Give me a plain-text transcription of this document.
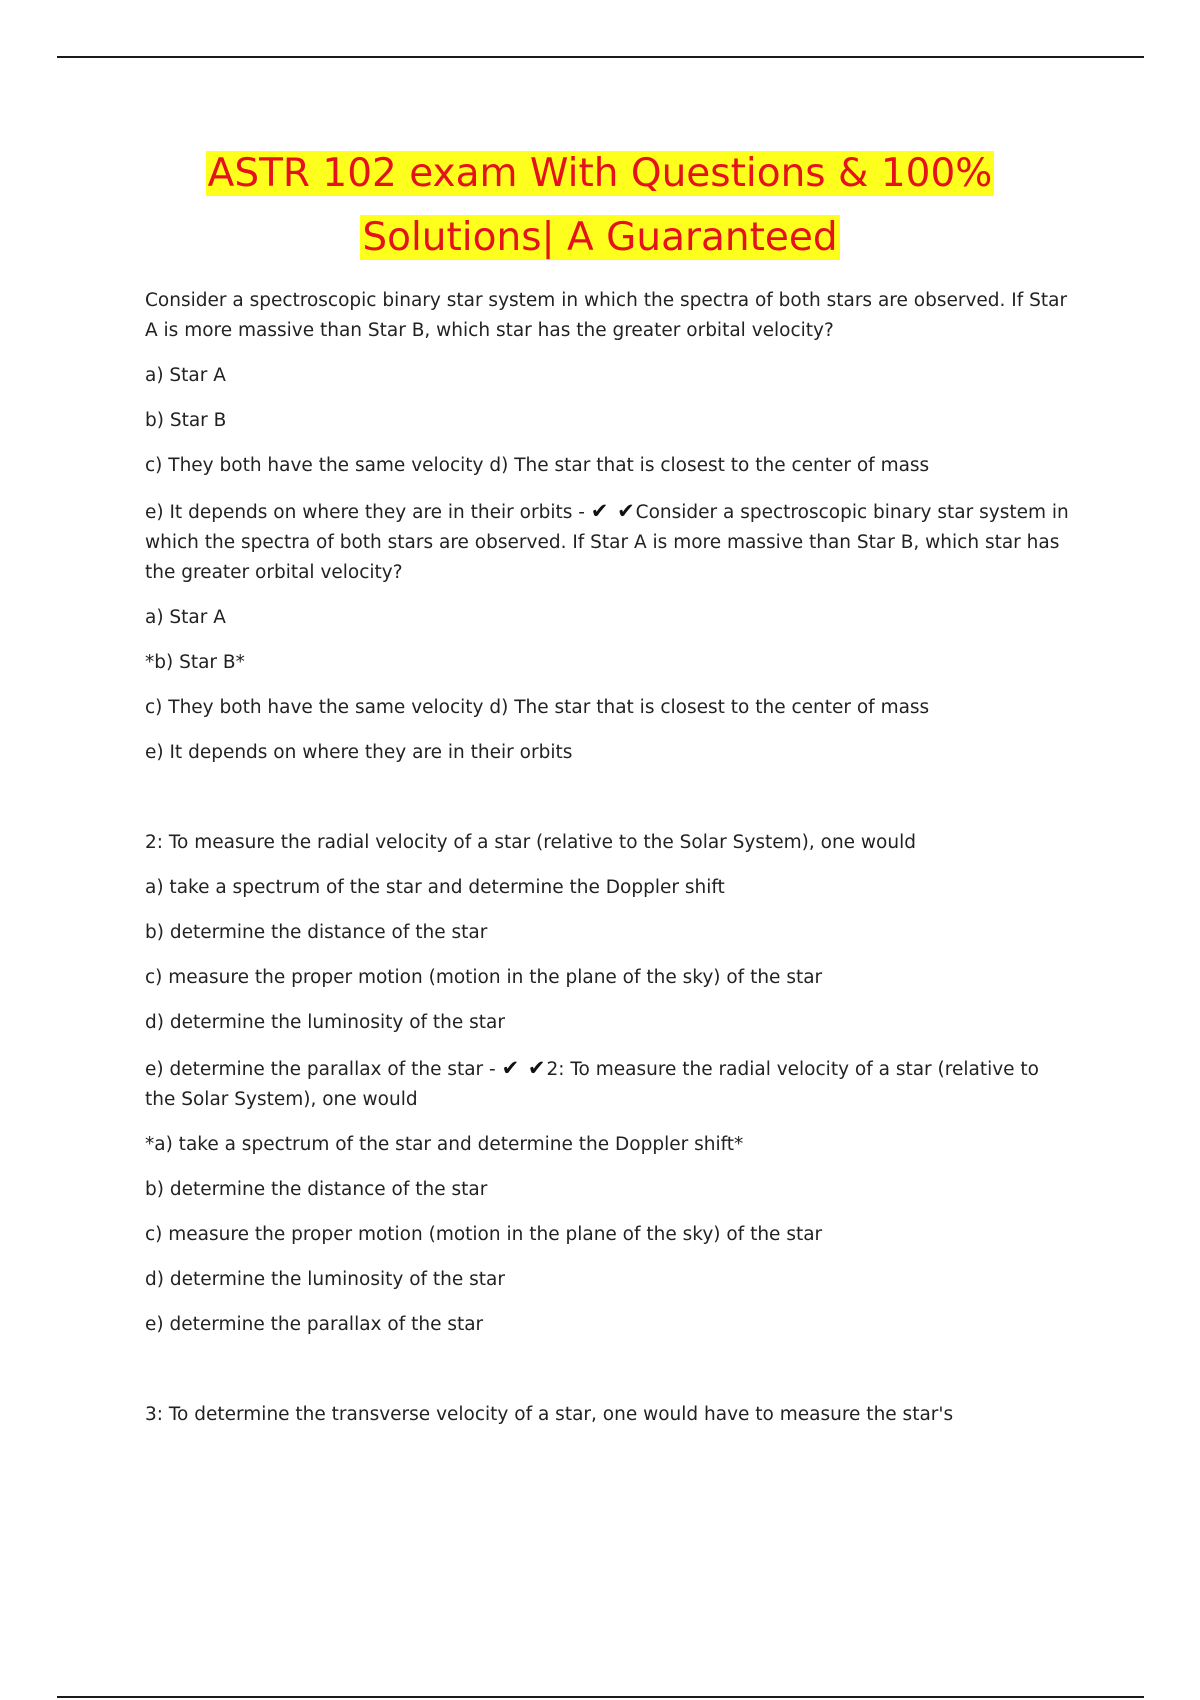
ASTR 102 exam With Questions & 100%
Solutions| A Guaranteed

Consider a spectroscopic binary star system in which the spectra of both stars are observed. If Star A is more massive than Star B, which star has the greater orbital velocity?

a) Star A

b) Star B

c) They both have the same velocity d) The star that is closest to the center of mass

e) It depends on where they are in their orbits - ✔ ✔Consider a spectroscopic binary star system in which the spectra of both stars are observed. If Star A is more massive than Star B, which star has the greater orbital velocity?

a) Star A

*b) Star B*

c) They both have the same velocity d) The star that is closest to the center of mass

e) It depends on where they are in their orbits

2: To measure the radial velocity of a star (relative to the Solar System), one would

a) take a spectrum of the star and determine the Doppler shift

b) determine the distance of the star

c) measure the proper motion (motion in the plane of the sky) of the star

d) determine the luminosity of the star

e) determine the parallax of the star - ✔ ✔2: To measure the radial velocity of a star (relative to the Solar System), one would

*a) take a spectrum of the star and determine the Doppler shift*

b) determine the distance of the star

c) measure the proper motion (motion in the plane of the sky) of the star

d) determine the luminosity of the star

e) determine the parallax of the star

3: To determine the transverse velocity of a star, one would have to measure the star's
